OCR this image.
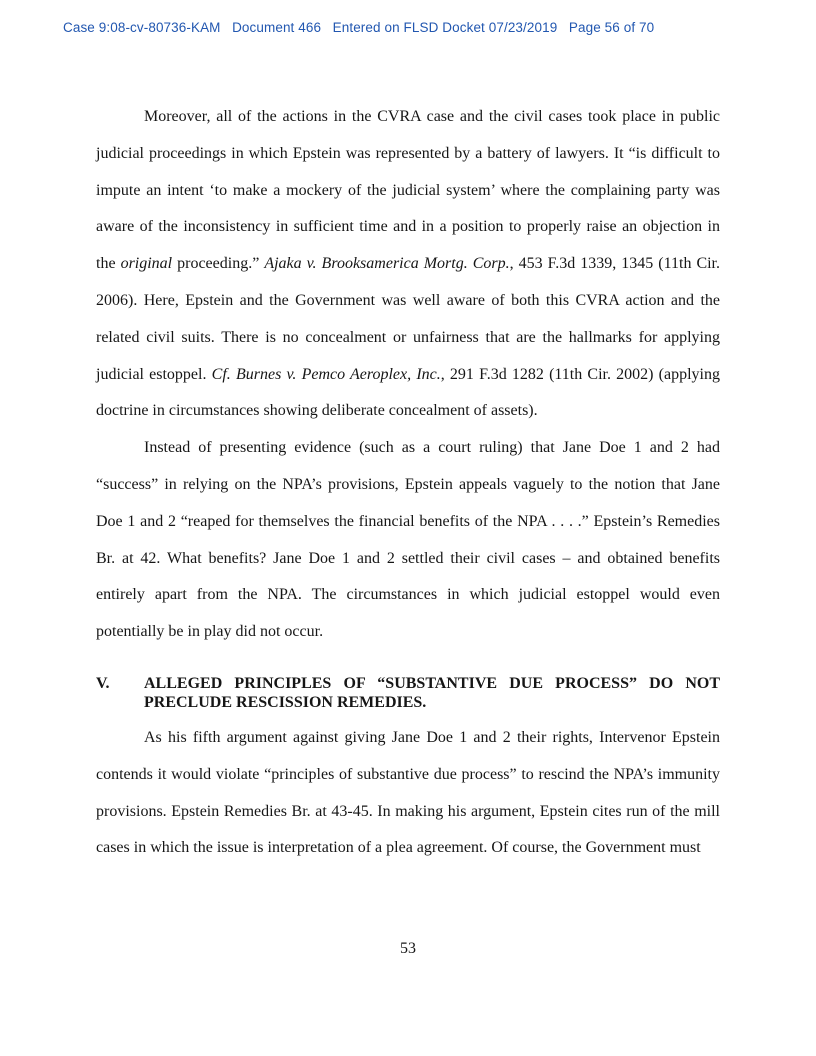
Case 9:08-cv-80736-KAM   Document 466   Entered on FLSD Docket 07/23/2019   Page 56 of 70

Moreover, all of the actions in the CVRA case and the civil cases took place in public judicial proceedings in which Epstein was represented by a battery of lawyers. It “is difficult to impute an intent ‘to make a mockery of the judicial system’ where the complaining party was aware of the inconsistency in sufficient time and in a position to properly raise an objection in the original proceeding.” Ajaka v. Brooksamerica Mortg. Corp., 453 F.3d 1339, 1345 (11th Cir. 2006). Here, Epstein and the Government was well aware of both this CVRA action and the related civil suits. There is no concealment or unfairness that are the hallmarks for applying judicial estoppel. Cf. Burnes v. Pemco Aeroplex, Inc., 291 F.3d 1282 (11th Cir. 2002) (applying doctrine in circumstances showing deliberate concealment of assets).

Instead of presenting evidence (such as a court ruling) that Jane Doe 1 and 2 had “success” in relying on the NPA’s provisions, Epstein appeals vaguely to the notion that Jane Doe 1 and 2 “reaped for themselves the financial benefits of the NPA . . . .” Epstein’s Remedies Br. at 42. What benefits? Jane Doe 1 and 2 settled their civil cases – and obtained benefits entirely apart from the NPA. The circumstances in which judicial estoppel would even potentially be in play did not occur.

V. ALLEGED PRINCIPLES OF “SUBSTANTIVE DUE PROCESS” DO NOT
PRECLUDE RESCISSION REMEDIES.

As his fifth argument against giving Jane Doe 1 and 2 their rights, Intervenor Epstein contends it would violate “principles of substantive due process” to rescind the NPA’s immunity provisions. Epstein Remedies Br. at 43-45. In making his argument, Epstein cites run of the mill cases in which the issue is interpretation of a plea agreement. Of course, the Government must

53
